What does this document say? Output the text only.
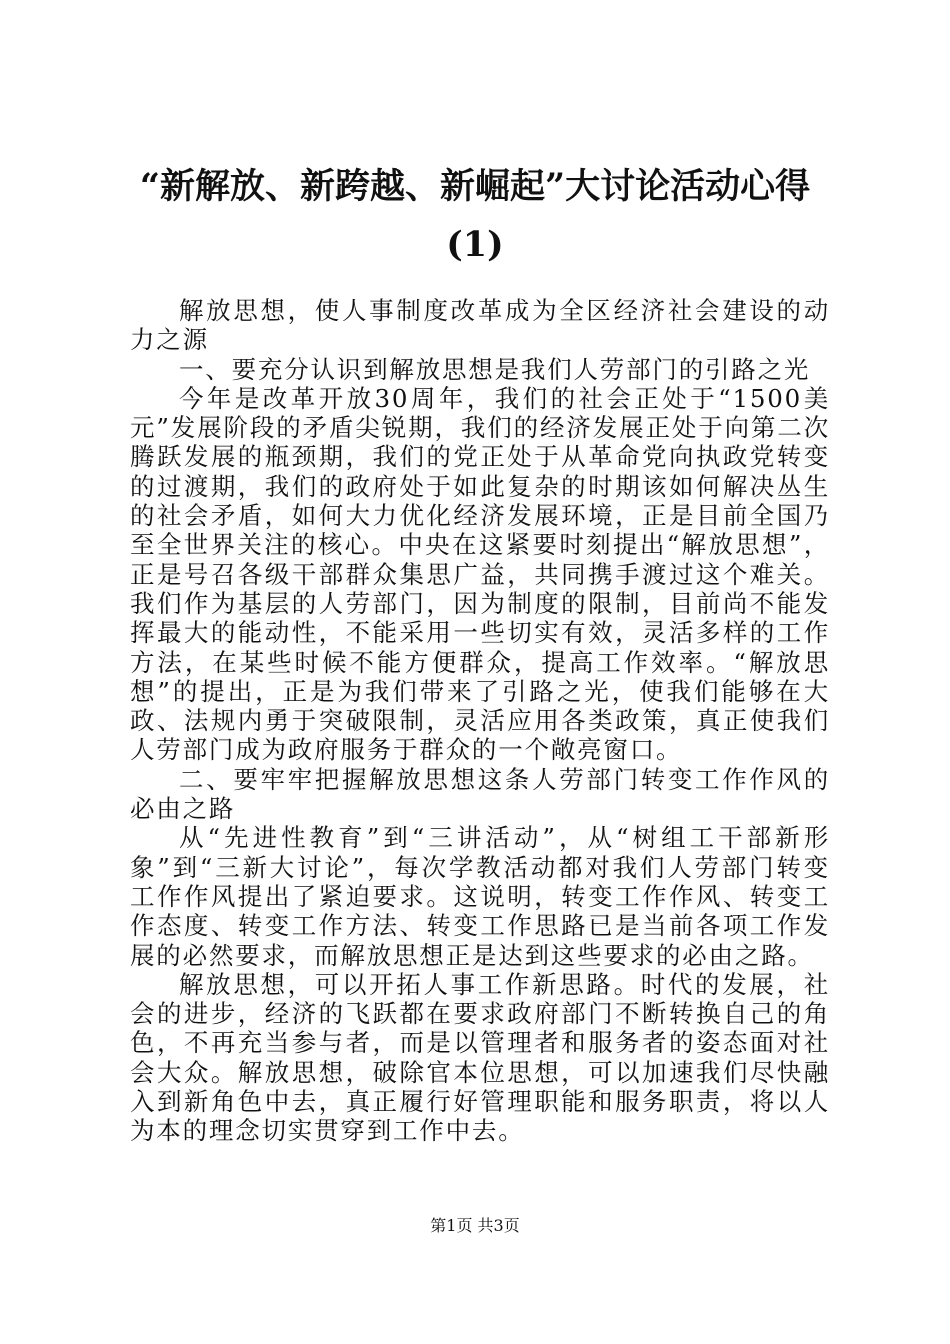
“新解放、新跨越、新崛起”大讨论活动心得
(1)

解放思想，使人事制度改革成为全区经济社会建设的动力之源

一、要充分认识到解放思想是我们人劳部门的引路之光

今年是改革开放30周年，我们的社会正处于“1500美元”发展阶段的矛盾尖锐期，我们的经济发展正处于向第二次腾跃发展的瓶颈期，我们的党正处于从革命党向执政党转变的过渡期，我们的政府处于如此复杂的时期该如何解决丛生的社会矛盾，如何大力优化经济发展环境，正是目前全国乃至全世界关注的核心。中央在这紧要时刻提出“解放思想”，正是号召各级干部群众集思广益，共同携手渡过这个难关。我们作为基层的人劳部门，因为制度的限制，目前尚不能发挥最大的能动性，不能采用一些切实有效，灵活多样的工作方法，在某些时候不能方便群众，提高工作效率。“解放思想”的提出，正是为我们带来了引路之光，使我们能够在大政、法规内勇于突破限制，灵活应用各类政策，真正使我们人劳部门成为政府服务于群众的一个敞亮窗口。

二、要牢牢把握解放思想这条人劳部门转变工作作风的必由之路

从“先进性教育”到“三讲活动”，从“树组工干部新形象”到“三新大讨论”，每次学教活动都对我们人劳部门转变工作作风提出了紧迫要求。这说明，转变工作作风、转变工作态度、转变工作方法、转变工作思路已是当前各项工作发展的必然要求，而解放思想正是达到这些要求的必由之路。

解放思想，可以开拓人事工作新思路。时代的发展，社会的进步，经济的飞跃都在要求政府部门不断转换自己的角色，不再充当参与者，而是以管理者和服务者的姿态面对社会大众。解放思想，破除官本位思想，可以加速我们尽快融入到新角色中去，真正履行好管理职能和服务职责，将以人为本的理念切实贯穿到工作中去。

第1页 共3页
